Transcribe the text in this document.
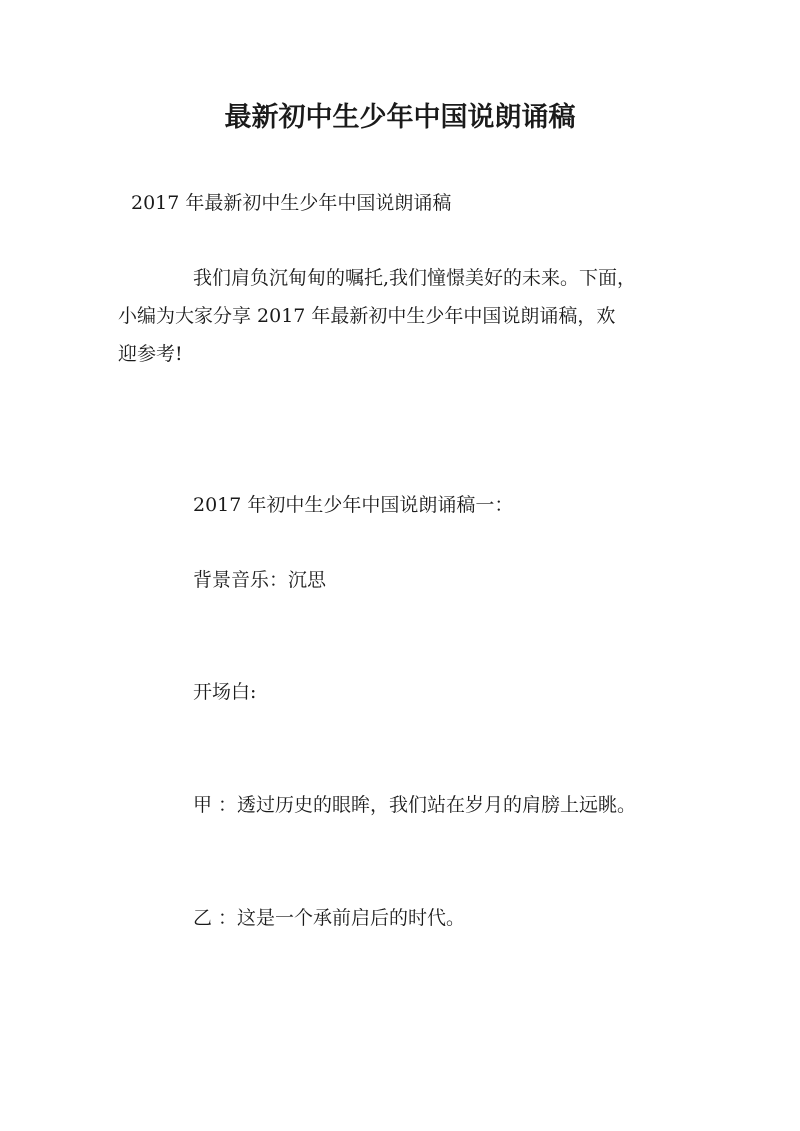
最新初中生少年中国说朗诵稿

2017 年最新初中生少年中国说朗诵稿

我们肩负沉甸甸的嘱托,我们憧憬美好的未来。下面，
小编为大家分享 2017 年最新初中生少年中国说朗诵稿，欢
迎参考!

2017 年初中生少年中国说朗诵稿一：

背景音乐：沉思

开场白:

甲 ：透过历史的眼眸，我们站在岁月的肩膀上远眺。

乙 ：这是一个承前启后的时代。
